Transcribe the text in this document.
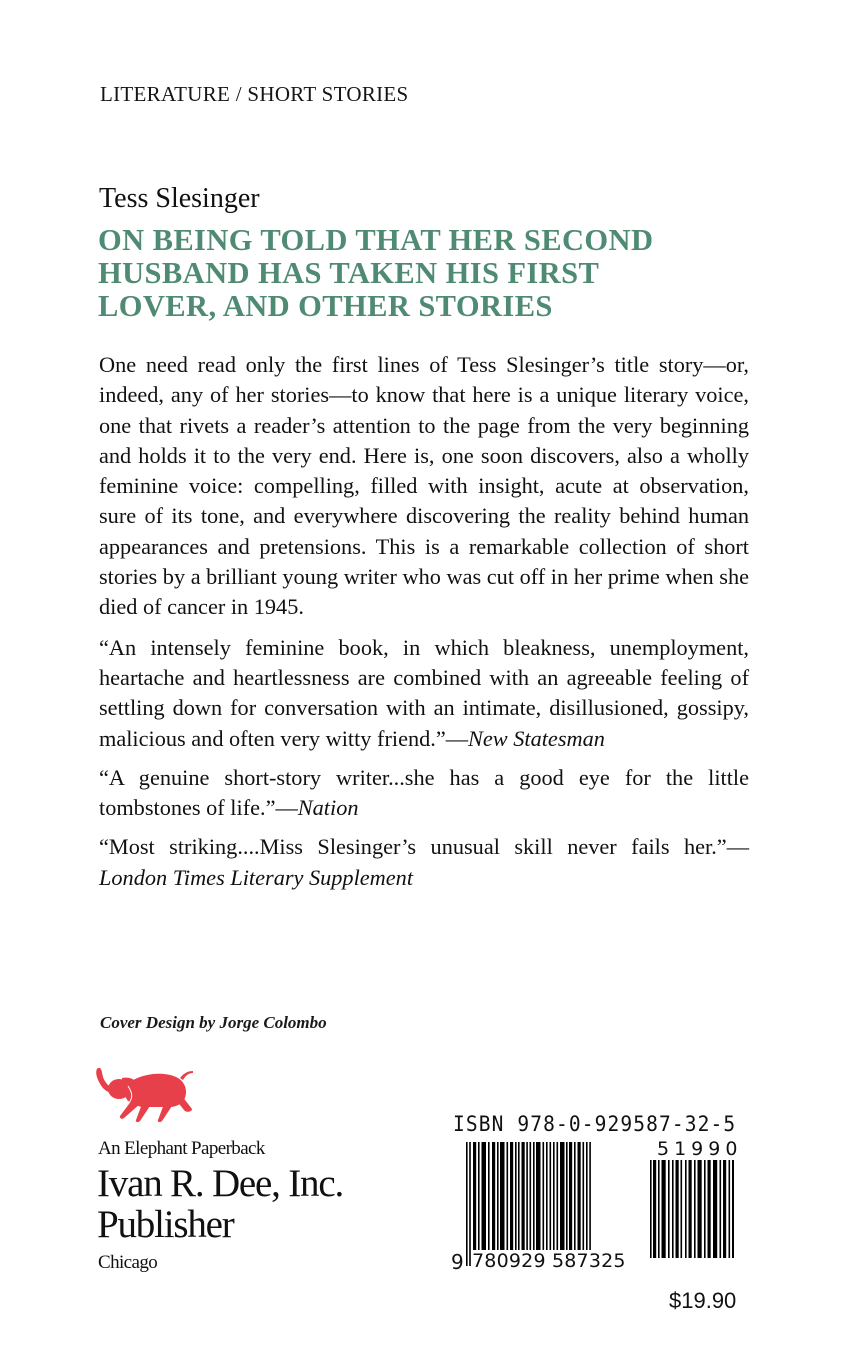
LITERATURE / SHORT STORIES
Tess Slesinger
ON BEING TOLD THAT HER SECOND
HUSBAND HAS TAKEN HIS FIRST
LOVER, AND OTHER STORIES

One need read only the first lines of Tess Slesinger’s title story—or, indeed, any of her stories—to know that here is a unique literary voice, one that rivets a reader’s attention to the page from the very beginning and holds it to the very end. Here is, one soon discovers, also a wholly feminine voice: compelling, filled with insight, acute at observation, sure of its tone, and everywhere discovering the reality behind human appearances and pretensions. This is a remarkable collection of short stories by a brilliant young writer who was cut off in her prime when she died of cancer in 1945.

“An intensely feminine book, in which bleakness, unemployment, heartache and heartlessness are combined with an agreeable feeling of settling down for conversation with an intimate, disillusioned, gossipy, malicious and often very witty friend.”—New Statesman

“A genuine short-story writer...she has a good eye for the little tombstones of life.”—Nation

“Most striking....Miss Slesinger’s unusual skill never fails her.”—London Times Literary Supplement

Cover Design by Jorge Colombo
An Elephant Paperback
Ivan R. Dee, Inc.
Publisher
Chicago
ISBN 978-0-929587-32-5
51990
9 780929 587325
$19.90
